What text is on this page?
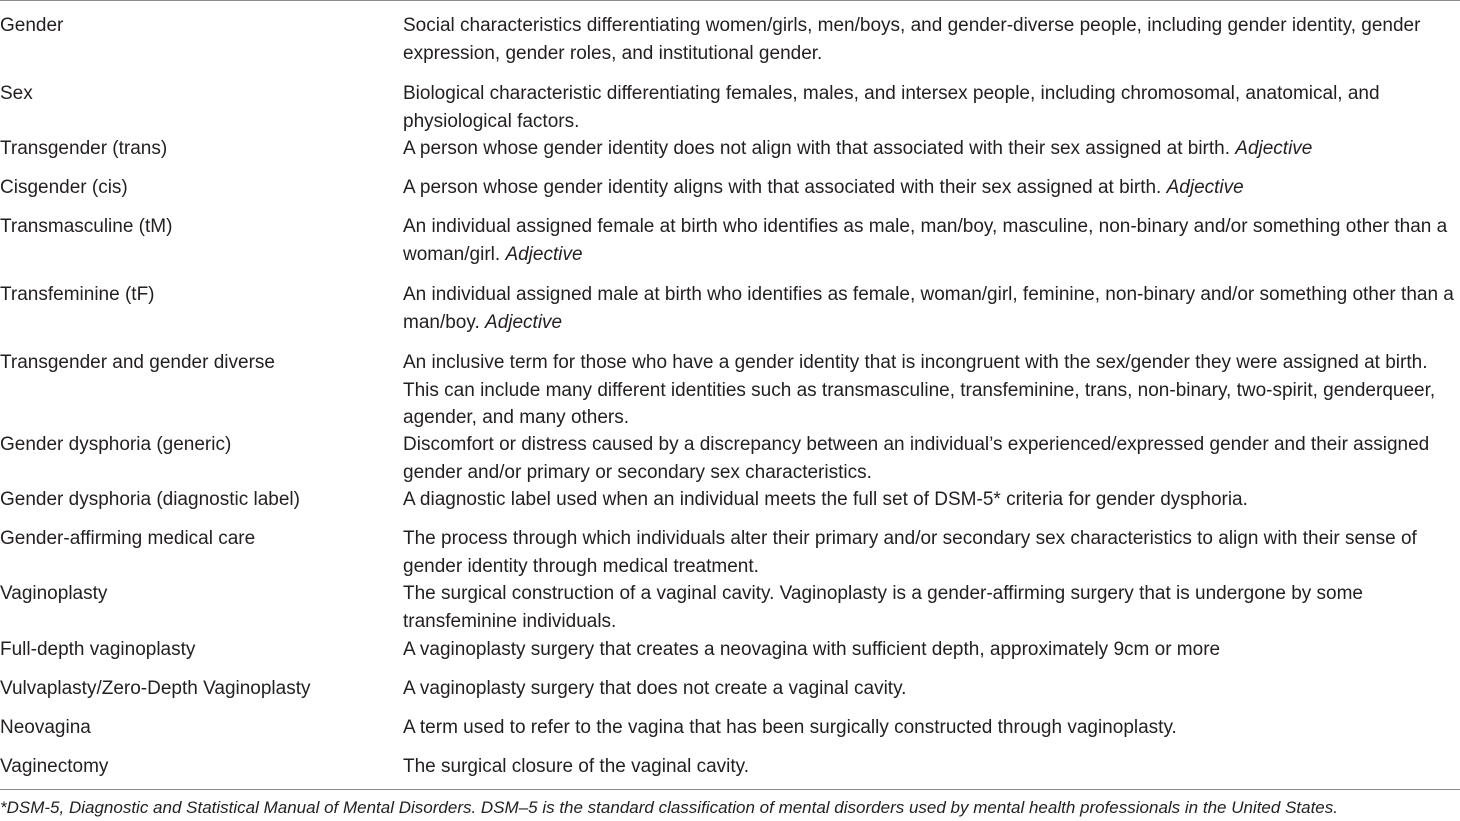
Gender	Social characteristics differentiating women/girls, men/boys, and gender-diverse people, including gender identity, gender expression, gender roles, and institutional gender.
Sex	Biological characteristic differentiating females, males, and intersex people, including chromosomal, anatomical, and physiological factors.
Transgender (trans)	A person whose gender identity does not align with that associated with their sex assigned at birth. Adjective
Cisgender (cis)	A person whose gender identity aligns with that associated with their sex assigned at birth. Adjective
Transmasculine (tM)	An individual assigned female at birth who identifies as male, man/boy, masculine, non-binary and/or something other than a woman/girl. Adjective
Transfeminine (tF)	An individual assigned male at birth who identifies as female, woman/girl, feminine, non-binary and/or something other than a man/boy. Adjective
Transgender and gender diverse	An inclusive term for those who have a gender identity that is incongruent with the sex/gender they were assigned at birth. This can include many different identities such as transmasculine, transfeminine, trans, non-binary, two-spirit, genderqueer, agender, and many others.
Gender dysphoria (generic)	Discomfort or distress caused by a discrepancy between an individual’s experienced/expressed gender and their assigned gender and/or primary or secondary sex characteristics.
Gender dysphoria (diagnostic label)	A diagnostic label used when an individual meets the full set of DSM-5* criteria for gender dysphoria.
Gender-affirming medical care	The process through which individuals alter their primary and/or secondary sex characteristics to align with their sense of gender identity through medical treatment.
Vaginoplasty	The surgical construction of a vaginal cavity. Vaginoplasty is a gender-affirming surgery that is undergone by some transfeminine individuals.
Full-depth vaginoplasty	A vaginoplasty surgery that creates a neovagina with sufficient depth, approximately 9cm or more
Vulvaplasty/Zero-Depth Vaginoplasty	A vaginoplasty surgery that does not create a vaginal cavity.
Neovagina	A term used to refer to the vagina that has been surgically constructed through vaginoplasty.
Vaginectomy	The surgical closure of the vaginal cavity.
*DSM-5, Diagnostic and Statistical Manual of Mental Disorders. DSM–5 is the standard classification of mental disorders used by mental health professionals in the United States.
